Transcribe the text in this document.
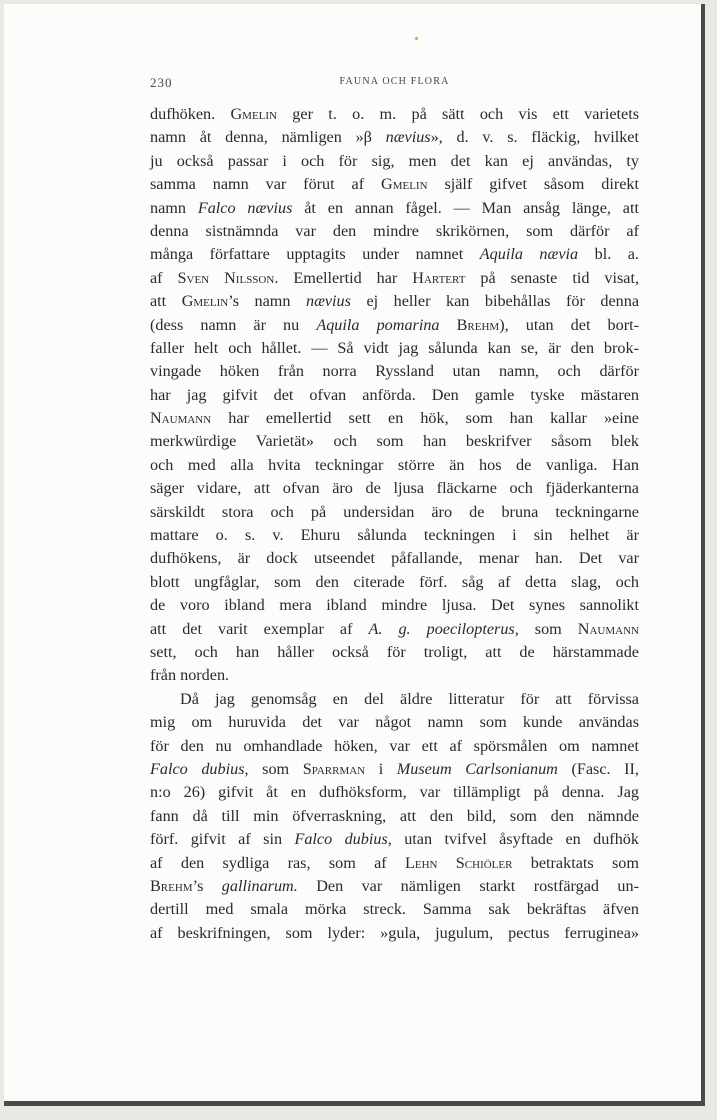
230	FAUNA OCH FLORA
dufhöken. Gmelin ger t. o. m. på sätt och vis ett varietets
namn åt denna, nämligen »β nævius», d. v. s. fläckig, hvilket
ju också passar i och för sig, men det kan ej användas, ty
samma namn var förut af Gmelin själf gifvet såsom direkt
namn Falco nævius åt en annan fågel. — Man ansåg länge, att
denna sistnämnda var den mindre skrikörnen, som därför af
många författare upptagits under namnet Aquila nævia bl. a.
af Sven Nilsson. Emellertid har Hartert på senaste tid visat,
att Gmelin’s namn nævius ej heller kan bibehållas för denna
(dess namn är nu Aquila pomarina Brehm), utan det bort-
faller helt och hållet. — Så vidt jag sålunda kan se, är den brok-
vingade höken från norra Ryssland utan namn, och därför
har jag gifvit det ofvan anförda. Den gamle tyske mästaren
Naumann har emellertid sett en hök, som han kallar »eine
merkwürdige Varietät» och som han beskrifver såsom blek
och med alla hvita teckningar större än hos de vanliga. Han
säger vidare, att ofvan äro de ljusa fläckarne och fjäderkanterna
särskildt stora och på undersidan äro de bruna teckningarne
mattare o. s. v. Ehuru sålunda teckningen i sin helhet är
dufhökens, är dock utseendet påfallande, menar han. Det var
blott ungfåglar, som den citerade förf. såg af detta slag, och
de voro ibland mera ibland mindre ljusa. Det synes sannolikt
att det varit exemplar af A. g. poecilopterus, som Naumann
sett, och han håller också för troligt, att de härstammade
från norden.
Då jag genomsåg en del äldre litteratur för att förvissa
mig om huruvida det var något namn som kunde användas
för den nu omhandlade höken, var ett af spörsmålen om namnet
Falco dubius, som Sparrman i Museum Carlsonianum (Fasc. II,
n:o 26) gifvit åt en dufhöksform, var tillämpligt på denna. Jag
fann då till min öfverraskning, att den bild, som den nämnde
förf. gifvit af sin Falco dubius, utan tvifvel åsyftade en dufhök
af den sydliga ras, som af Lehn Schiöler betraktats som
Brehm’s gallinarum. Den var nämligen starkt rostfärgad un-
dertill med smala mörka streck. Samma sak bekräftas äfven
af beskrifningen, som lyder: »gula, jugulum, pectus ferruginea»
